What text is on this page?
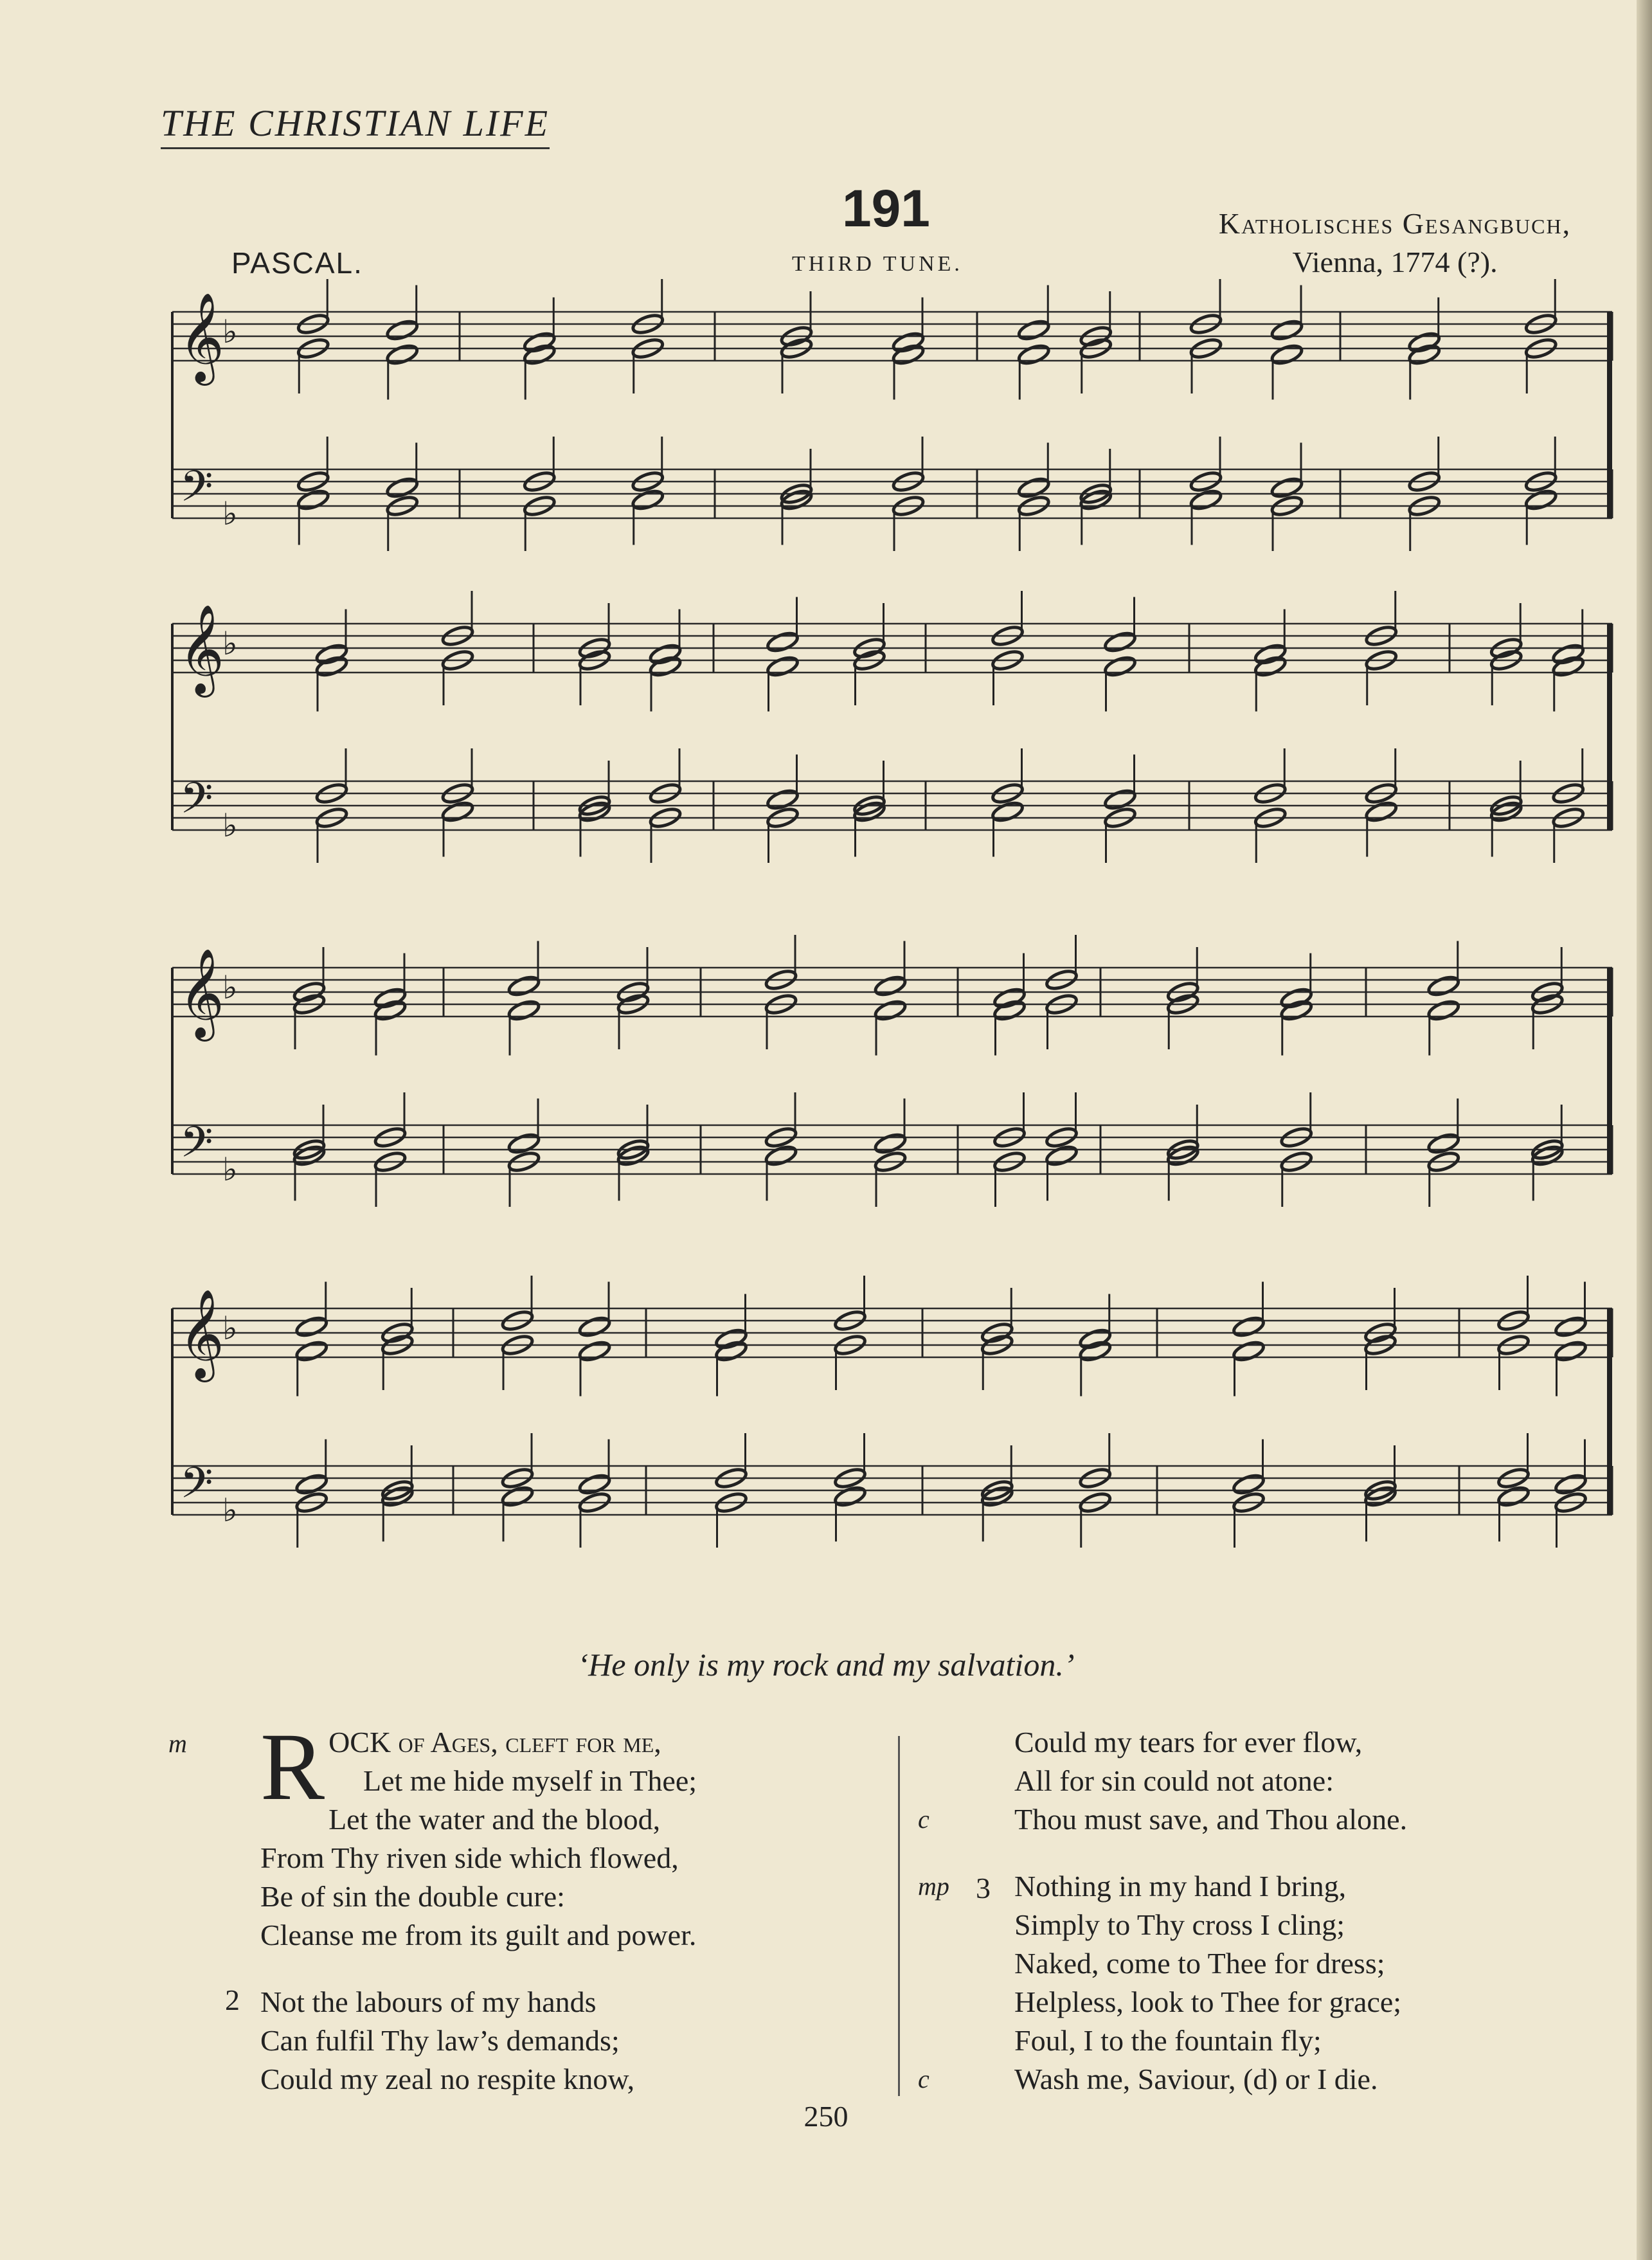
THE CHRISTIAN LIFE
191
PASCAL.	THIRD TUNE.
Katholisches Gesangbuch,
Vienna, 1774 (?).
𝄞
𝄢
♭
♭
𝄞
𝄢
♭
♭
𝄞
𝄢
♭
♭
𝄞
𝄢
♭
♭
‘He only is my rock and my salvation.’
m R OCK of Ages, cleft for me,
Let me hide myself in Thee;
Let the water and the blood,
From Thy riven side which flowed,
Be of sin the double cure:
Cleanse me from its guilt and power.
Not the labours of my hands
Can fulfil Thy law’s demands;
Could my zeal no respite know,
2
Could my tears for ever flow,
All for sin could not atone:
Thou must save, and Thou alone.
Nothing in my hand I bring,
Simply to Thy cross I cling;
Naked, come to Thee for dress;
Helpless, look to Thee for grace;
Foul, I to the fountain fly;
Wash me, Saviour, (d) or I die.
c
mp 3
c
250
